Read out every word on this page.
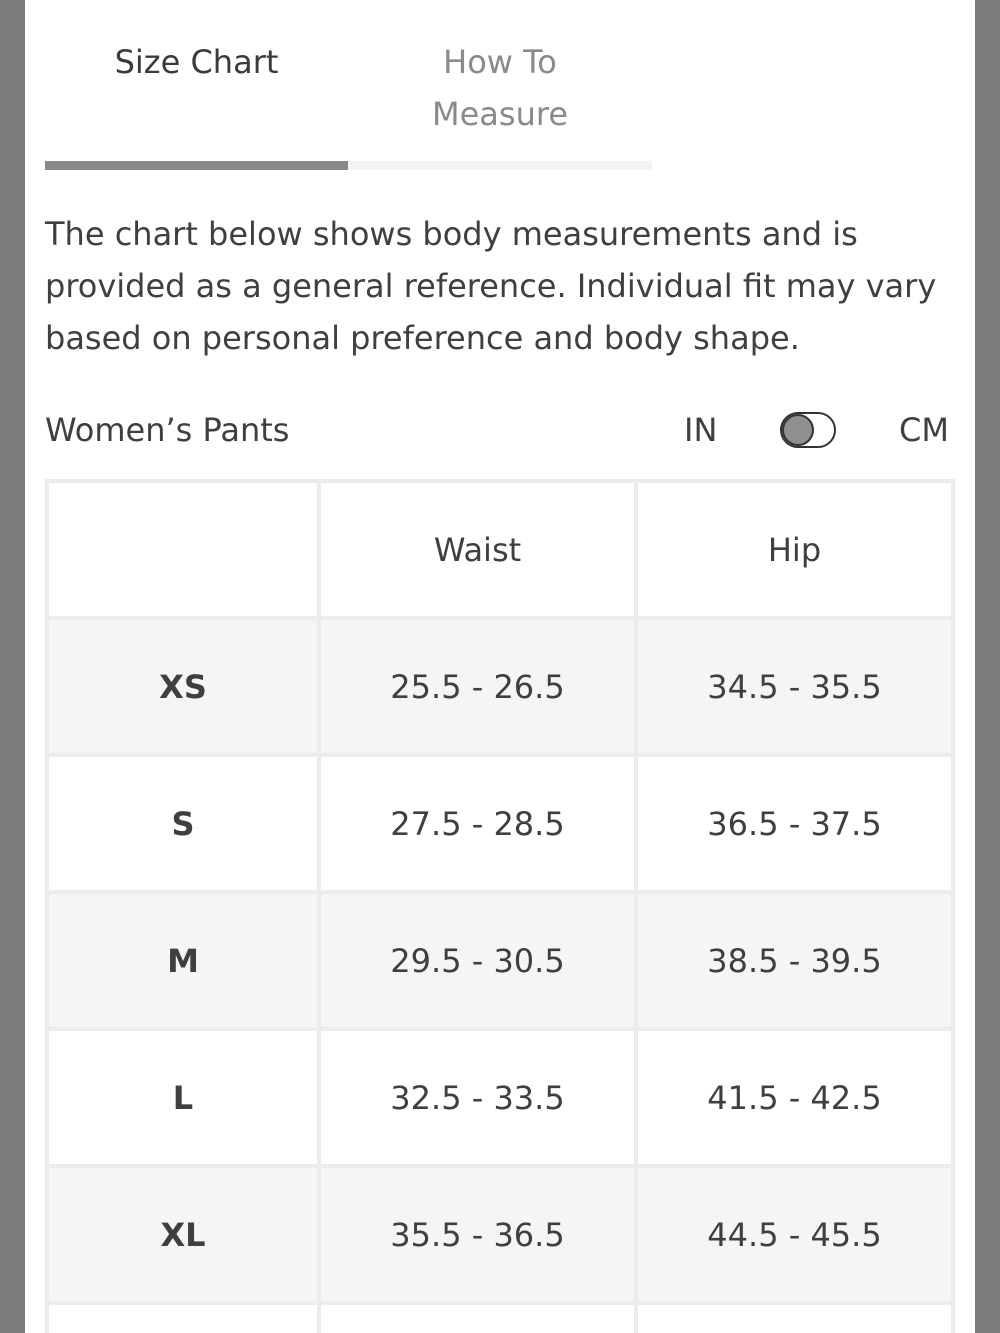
Size Chart	How To
Measure

The chart below shows body measurements and is provided as a general reference. Individual fit may vary based on personal preference and body shape.

Women’s Pants	IN	CM
	Waist	Hip
XS	25.5 - 26.5	34.5 - 35.5
S	27.5 - 28.5	36.5 - 37.5
M	29.5 - 30.5	38.5 - 39.5
L	32.5 - 33.5	41.5 - 42.5
XL	35.5 - 36.5	44.5 - 45.5
